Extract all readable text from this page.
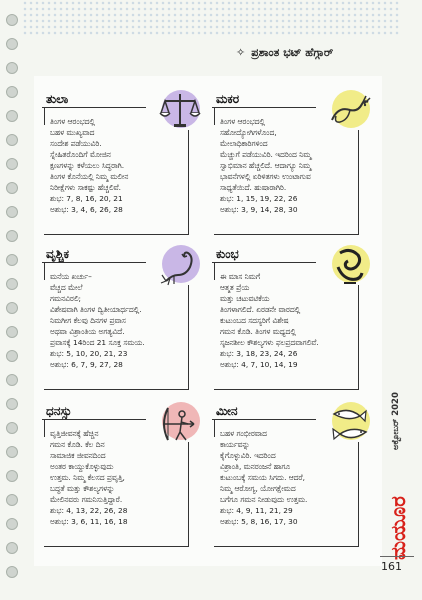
✧ ಪ್ರಶಾಂತ ಭಟ್ ಹೆಗ್ಗಾರ್
ತುಲಾ
ತಿಂಗಳ ಆರಂಭದಲ್ಲಿ
ಬಹಳ ಮುಖ್ಯವಾದ
ಸಂದೇಶ ಪಡೆಯುವಿರಿ.
ಸ್ನೇಹಿತರೊಂದಿಗೆ ಮೋಜಿನ
ಕ್ಷಣಗಳನ್ನು ಕಳೆಯಲು ಸಿದ್ಧರಾಗಿ.
ತಿಂಗಳ ಕೊನೆಯಲ್ಲಿ ನಿಮ್ಮ ಮಲೀನ
ನಿರೀಕ್ಷೆಗಳು ಸಾಕಷ್ಟು ಹೆಚ್ಚಲಿವೆ.
ಶುಭ: 7, 8, 16, 20, 21
ಅಶುಭ: 3, 4, 6, 26, 28
ಮಕರ
ತಿಂಗಳ ಆರಂಭದಲ್ಲಿ
ಸಹೋದ್ಯೋಗಿಗಳೊಂದ,
ಮೇಲಾಧಿಕಾರಿಗಳಿಂದ
ಮೆಚ್ಚುಗೆ ಪಡೆಯುವಿರಿ. ಇದರಿಂದ ನಿಮ್ಮ
ಸ್ವಾಭಿಮಾನ ಹೆಚ್ಚಲಿದೆ. ಆದಾಗ್ಯೂ ನಿಮ್ಮ
ಭಾವನೆಗಳಲ್ಲಿ ಏರಿಳಿತಗಳು ಉಂಟಾಗುವ
ಸಾಧ್ಯತೆಯಿದೆ. ಹುಷಾರಾಗಿರಿ.
ಶುಭ: 1, 15, 19, 22, 26
ಅಶುಭ: 3, 9, 14, 28, 30
ವೃಶ್ಚಿಕ
ಮನೆಯ ಖರ್ಚು–
ವೆಚ್ಚದ ಮೇಲೆ
ಗಮನವಿರಲಿ;
ವಿಶೇಷವಾಗಿ ತಿಂಗಳ ದ್ವಿತೀಯಾರ್ಧದಲ್ಲಿ.
ನಿಮಗೀಗ ಕೆಲವು ದಿನಗಳ ಪ್ರವಾಸ
ಅಥವಾ ವಿಶ್ರಾಂತಿಯ ಅಗತ್ಯವಿದೆ.
ಪ್ರವಾಸಕ್ಕೆ 14ರಿಂದ 21 ಸೂಕ್ತ ಸಮಯ.
ಶುಭ: 5, 10, 20, 21, 23
ಅಶುಭ: 6, 7, 9, 27, 28
ಕುಂಭ
ಈ ಮಾಸ ನಿಮಗೆ
ಆತ್ಮತ ಪ್ರೆಯ
ಮತ್ತು ಚಟುವಟಿಕೆಯ
ತಿಂಗಳಾಗಲಿದೆ. ಏರಡನೇ ವಾರದಲ್ಲಿ
ಕುಟುಂಬದ ಸದಸ್ಯರಿಗೆ ವಿಶೇಷ
ಗಮನ ಕೊಡಿ. ತಿಂಗಳ ಮಧ್ಯದಲ್ಲಿ
ಸೃಜನಶೀಲ ಕೌಶಲ್ಯಗಳು ಫಲಪ್ರದವಾಗಲಿವೆ.
ಶುಭ: 3, 18, 23, 24, 26
ಅಶುಭ: 4, 7, 10, 14, 19
ಧನಸ್ಸು
ವೃತ್ತಿಜೀವನಕ್ಕೆ ಹೆಚ್ಚಿನ
ಗಮನ ಕೊಡಿ. ಕೆಲ ದಿನ
ಸಾಮಾಜಿಕ ಜೀವನದಿಂದ
ಅಂತರ ಕಾಯ್ದುಕೊಳ್ಳುವುದು
ಉತ್ತಮ. ನಿಮ್ಮ ಕೆಲಸದ ಪ್ರವೃತ್ತಿ,
ಬದ್ಧತೆ ಮತ್ತು ಕೌಶಲ್ಯಗಳನ್ನು
ಮೇಲಿನವರು ಗಮನಿಸುತ್ತಿದ್ದಾರೆ.
ಶುಭ: 4, 13, 22, 26, 28
ಅಶುಭ: 3, 6, 11, 16, 18
ಮೀನ
ಬಹಳ ಗಂಭೀರವಾದ
ಕಾರ್ಯವನ್ನು
ಕೈಗೊಳ್ಳುವಿರಿ. ಇದರಿಂದ
ವಿಶ್ರಾಂತಿ, ಮನರಂಜನೆ ಹಾಗೂ
ಕುಟುಂಬಕ್ಕೆ ಸಮಯ ಸಿಗದು. ಆದರೆ,
ನಿಮ್ಮ ಆರೋಗ್ಯ, ಯೋಗಕ್ಷೇಮದ
ಬಗೆಗೂ ಗಮನ ನೀಡುವುದು ಉತ್ತಮ.
ಶುಭ: 4, 9, 11, 21, 29
ಅಶುಭ: 5, 8, 16, 17, 30
ಅಕ್ಟೋಬರ್ 2020
ಮಯೂರ
161
